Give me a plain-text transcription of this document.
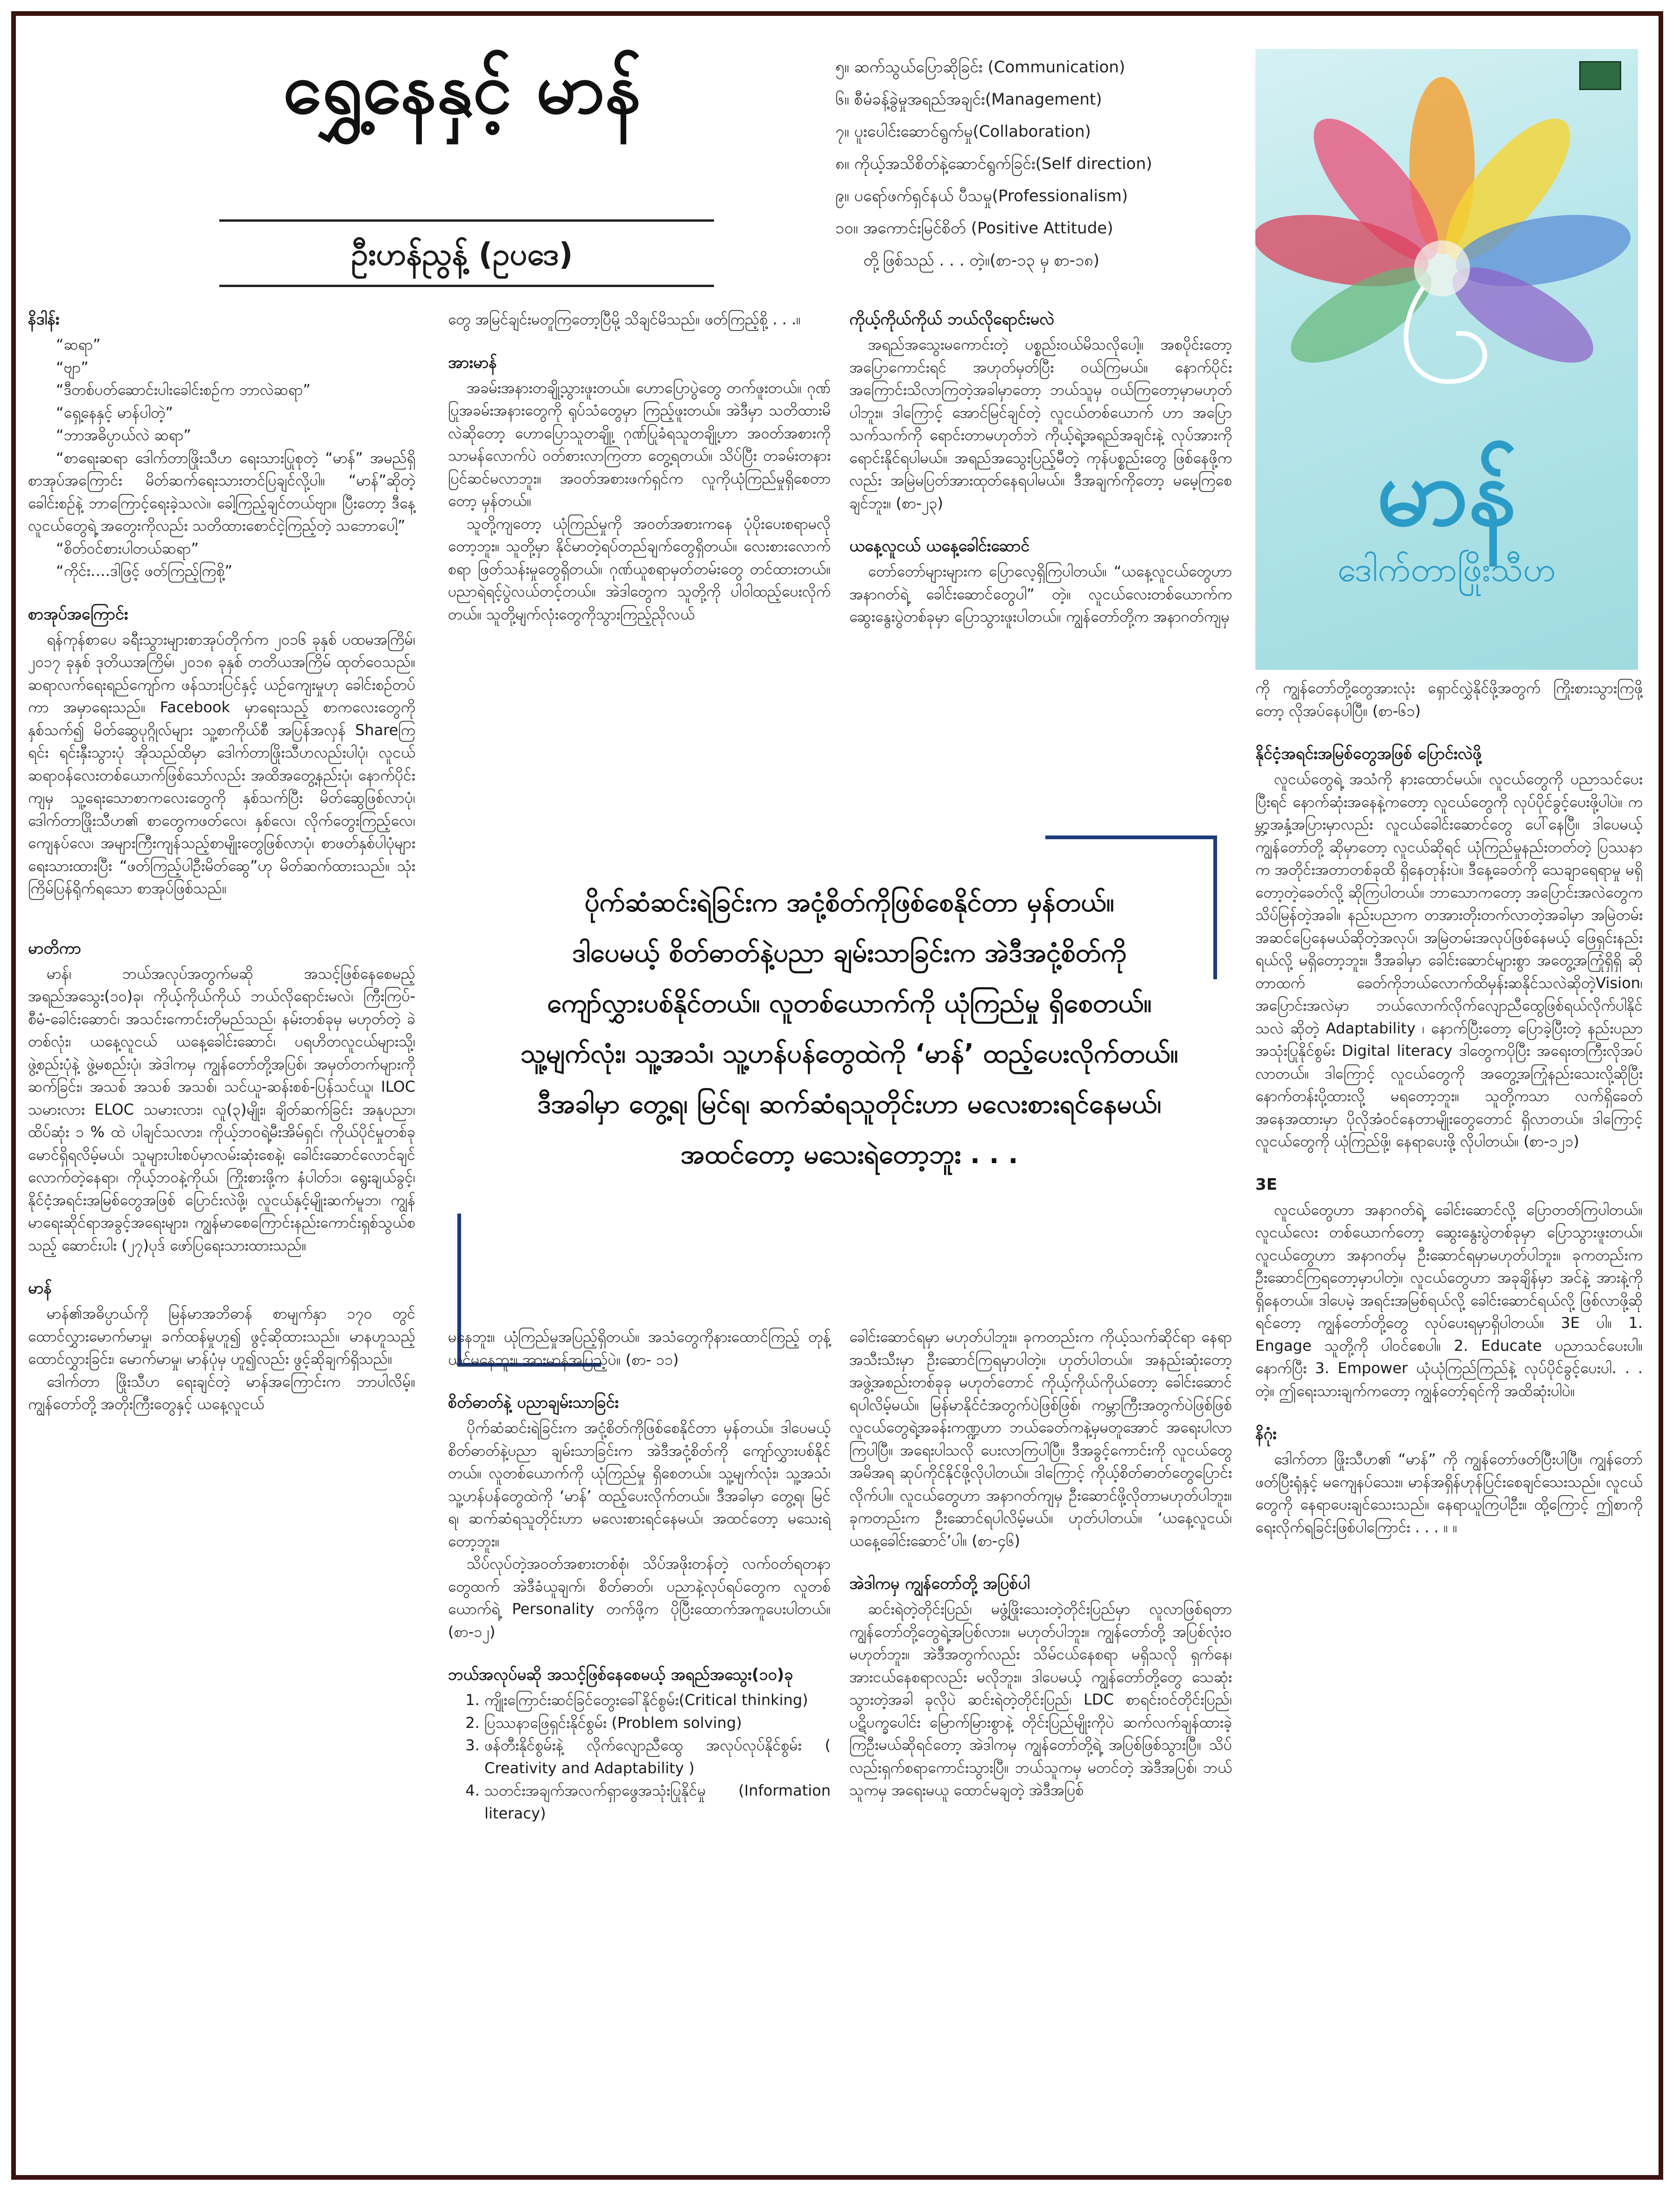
ရွှေ့နေနှင့် မာန်
ဦးဟန်ညွန့် (ဥပဒေ)
၅။ ဆက်သွယ်ပြောဆိုခြင်း (Communication)
၆။ စီမံခန့်ခွဲမှုအရည်အချင်း(Management)
၇။ ပူးပေါင်းဆောင်ရွက်မှု(Collaboration)
၈။ ကိုယ့်အသိစိတ်နဲ့ဆောင်ရွက်ခြင်း(Self direction)
၉။ ပရော်ဖက်ရှင်နယ် ပီသမှု(Professionalism)
၁၀။ အကောင်းမြင်စိတ် (Positive Attitude)
တို့ဖြစ်သည် . . . တဲ့။(စာ-၁၃ မှ စာ-၁၈)
မာန်
ဒေါက်တာဖြိုးသီဟ
နိဒါန်း

“ဆရာ”

“ဗျာ”

“ဒီတစ်ပတ်ဆောင်းပါးခေါင်းစဉ်က ဘာလဲဆရာ”

“ရှေ့နေနှင့် မာန်ပါတဲ့”

“ဘာအဓိပ္ပာယ်လဲ ဆရာ”

“စာရေးဆရာ ဒေါက်တာဖြိုးသီဟ ရေးသားပြုစုတဲ့ “မာန်” အမည်ရှိ စာအုပ်အကြောင်း မိတ်ဆက်ရေးသားတင်ပြချင်လို့ပါ။ “မာန်”ဆိုတဲ့ခေါင်းစဉ်နဲ့ ဘာကြောင့်ရေးခဲ့သလဲ။ ခေါ့ကြည့်ချင်တယ်ဗျာ။ ပြီးတော့ ဒီနေ့လူငယ်တွေရဲ့ အတွေးကိုလည်း သတိထားစောင်ငဲ့ကြည့်တဲ့ သဘောပေါ့”

“စိတ်ဝင်စားပါတယ်ဆရာ”

“ကိုင်း….ဒါဖြင့် ဖတ်ကြည့်ကြစို့”

စာအုပ်အကြောင်း

ရန်ကုန်စာပေ ခရီးသွားများစာအုပ်တိုက်က ၂၀၁၆ ခုနှစ် ပထမအကြိမ်၊ ၂၀၁၇ ခုနှစ် ဒုတိယအကြိမ်၊ ၂၀၁၈ ခုနှစ် တတိယအကြိမ် ထုတ်ဝေသည်။ ဆရာလက်ရေးရည်ကျော်က ဖန်သားပြင်နှင့် ယဉ်ကျေးမှုဟု ခေါင်းစဉ်တပ်ကာ အမှာရေးသည်။ Facebook မှာရေးသည့် စာကလေးတွေကို နှစ်သက်၍ မိတ်ဆွေပုဂ္ဂိုလ်များ သူ့စာကိုယ်စီ အပြန်အလှန် Shareကြရင်း ရင်းနှီးသွားပုံ အိုသည်ထိမှာ ဒေါက်တာဖြိုးသီဟလည်းပါပုံ၊ လူငယ်ဆရာဝန်လေးတစ်ယောက်ဖြစ်သော်လည်း အထိအတွေ့နည်းပုံ၊ နောက်ပိုင်းကျမှ သူ့ရေးသောစာကလေးတွေကို နှစ်သက်ပြီး မိတ်ဆွေဖြစ်လာပုံ၊ ဒေါက်တာဖြိုးသီဟ၏ စာတွေကဖတ်လေ၊ နှစ်လေ၊ လိုက်တွေးကြည့်လေ၊ ကျေနပ်လေ၊ အများကြီးကျန်သည့်စာမျိုးတွေဖြစ်လာပုံ၊ စာဖတ်နှစ်ပါပုံများ ရေးသားထားပြီး “ဖတ်ကြည့်ပါဦးမိတ်ဆွေ”ဟု မိတ်ဆက်ထားသည်။ သုံးကြိမ်ပြန်ရိုက်ရသော စာအုပ်ဖြစ်သည်။

မာတိကာ

မာန်၊ ဘယ်အလုပ်အတွက်မဆို အသင့်ဖြစ်နေစေမည့် အရည်အသွေး(၁၀)ခု၊ ကိုယ့်ကိုယ်ကိုယ် ဘယ်လိုရောင်းမလဲ၊ ကြီးကြပ်-စီမံ-ခေါင်းဆောင်၊ အသင်းကောင်းတိုမည်သည်၊ နမ်းတစ်ခုမှ မဟုတ်တဲ့ ခဲတစ်လုံး၊ ယနေ့လူငယ် ယနေ့ခေါင်းဆောင်၊ ပရဟိတလူငယ်များသို့၊ ဖွဲ့စည်းပုံနဲ့ ဖွဲ့မစည်းပုံ၊ အဲဒါကမှ ကျွန်တော်တို့အပြစ်၊ အမှတ်တက်များကိုဆက်ခြင်း၊ အသစ် အသစ် အသစ်၊ သင်ယူ-ဆန်းစစ်-ပြန်သင်ယူ၊ ILOC သမားလား ELOC သမားလား၊ လူ(၃)မျိုး၊ ချိတ်ဆက်ခြင်း အနုပညာ၊ ထိပ်ဆုံး ၁ % ထဲ ပါချင်သလား၊ ကိုယ့်ဘဝရဲ့မီးအိမ်ရှင်၊ ကိုယ်ပိုင်မှုတစ်ခုမောင်ရှိရလိမ့်မယ်၊ သူများပါးစပ်မှာလမ်းဆုံးစေနဲ့၊ ခေါင်းဆောင်လောင်ချင်လောက်တဲ့နေရာ၊ ကိုယ့်ဘဝနဲ့ကိုယ်၊ ကြိုးစားဖို့က နံပါတ်၁၊ ရွေးချယ်ခွင့်၊ နိုင်ငံ့အရင်းအမြစ်တွေအဖြစ် ပြောင်းလဲဖို့၊ လူငယ်နှင့်မျိုးဆက်မူဘ၊ ကျွန်မာရေးဆိုင်ရာအခွင့်အရေးများ၊ ကျွန်မာစေကြောင်းနည်းကောင်းရှစ်သွယ်စသည့် ဆောင်းပါး (၂၇)ပုဒ် ဖော်ပြရေးသားထားသည်။

မာန်

မာန်၏အဓိပ္ပာယ်ကို မြန်မာအဘိဓာန် စာမျက်နှာ ၁၇၀ တွင် ထောင်လွှားမောက်မာမှု၊ ခက်ထန်မှုဟူ၍ ဖွင့်ဆိုထားသည်။ မာနဟူသည့် ထောင်လွှားခြင်း၊ မောက်မာမှု၊ မာန်ပုံမှ ဟူ၍လည်း ဖွင့်ဆိုချက်ရှိသည်။

ဒေါက်တာ ဖြိုးသီဟ ရေးချင်တဲ့ မာန်အကြောင်းက ဘာပါလိမ့်။ ကျွန်တော်တို့ အတိုးကြီးတွေနှင့် ယနေ့လူငယ်

တွေ အမြင်ချင်းမတူကြတော့ပြီမို့ သိချင်မိသည်။ ဖတ်ကြည့်စို့ . . .။

အားမာန်

အခမ်းအနားတချို့သွားဖူးတယ်။ ဟောပြောပွဲတွေ တက်ဖူးတယ်။ ဂုဏ်ပြုအခမ်းအနားတွေကို ရုပ်သံတွေမှာ ကြည့်ဖူးတယ်။ အဲဒီမှာ သတိထားမိလဲဆိုတော့ ဟောပြောသူတချို့၊ ဂုဏ်ပြုခံရသူတချို့ဟာ အဝတ်အစားကို သာမန်လောက်ပဲ ဝတ်စားလာကြတာ တွေ့ရတယ်။ သိပ်ပြီး တခမ်းတနား ပြင်ဆင်မလာဘူး။ အဝတ်အစားဖက်ရှင်က လူကိုယုံကြည်မှုရှိစေတာတော့ မှန်တယ်။

သူတို့ကျတော့ ယုံကြည်မှုကို အဝတ်အစားကနေ ပုံပိုးပေးစရာမလိုတော့ဘူး။ သူတို့မှာ နိုင်မာတဲ့ရပ်တည်ချက်တွေရှိတယ်။ လေးစားလောက်စရာ ဖြတ်သန်းမှုတွေရှိတယ်။ ဂုဏ်ယူစရာမှတ်တမ်းတွေ တင်ထားတယ်။ ပညာရဲရင့်ပွဲလယ်တင့်တယ်။ အဲဒါတွေက သူတို့ကို ပါဝါထည့်ပေးလိုက်တယ်။ သူတို့မျက်လုံးတွေကိုသွားကြည့်ညိုလယ်

ကိုယ့်ကိုယ်ကိုယ် ဘယ်လိုရောင်းမလဲ

အရည်အသွေးမကောင်းတဲ့ ပစ္စည်းဝယ်မိသလိုပေါ့။ အစပိုင်းတော့ အပြောကောင်းရင် အဟုတ်မှတ်ပြီး ဝယ်ကြမယ်။ နောက်ပိုင်း အကြောင်းသိလာကြတဲ့အခါမှာတော့ ဘယ်သူမှ ဝယ်ကြတော့မှာမဟုတ်ပါဘူး။ ဒါကြောင့် အောင်မြင်ချင်တဲ့ လူငယ်တစ်ယောက် ဟာ အပြောသက်သက်ကို ရောင်းတာမဟုတ်ဘဲ ကိုယ့်ရဲ့အရည်အချင်းနဲ့ လုပ်အားကိုရောင်းနိုင်ရပါမယ်။ အရည်အသွေးပြည့်မီတဲ့ ကုန်ပစ္စည်းတွေ ဖြစ်နေဖို့ကလည်း အမြဲမပြတ်အားထုတ်နေရပါမယ်။ ဒီအချက်ကိုတော့ မမေ့ကြစေချင်ဘူး။ (စာ-၂၃)

ယနေ့လူငယ် ယနေ့ခေါင်းဆောင်

တော်တော်များများက ပြောလေ့ရှိကြပါတယ်။ “ယနေ့လူငယ်တွေဟာ အနာဂတ်ရဲ့ ခေါင်းဆောင်တွေပါ” တဲ့။ လူငယ်လေးတစ်ယောက်က ဆွေးနွေးပွဲတစ်ခုမှာ ပြောသွားဖူးပါတယ်။ ကျွန်တော်တို့က အနာဂတ်ကျမှ

ပိုက်ဆံဆင်းရဲခြင်းက အငုံ့စိတ်ကိုဖြစ်စေနိုင်တာ မှန်တယ်။
ဒါပေမယ့် စိတ်ဓာတ်နဲ့ပညာ ချမ်းသာခြင်းက အဲဒီအငုံ့စိတ်ကို
ကျော်လွှားပစ်နိုင်တယ်။ လူတစ်ယောက်ကို ယုံကြည်မှု ရှိစေတယ်။
သူ့မျက်လုံး၊ သူ့အသံ၊ သူ့ဟန်ပန်တွေထဲကို ‘မာန်’ ထည့်ပေးလိုက်တယ်။
ဒီအခါမှာ တွေ့ရ၊ မြင်ရ၊ ဆက်ဆံရသူတိုင်းဟာ မလေးစားရင်နေမယ်၊
အထင်တော့ မသေးရဲတော့ဘူး . . .

မနေဘူး။ ယုံကြည်မှုအပြည့်ရှိတယ်။ အသံတွေကိုနားထောင်ကြည့် တုန့်ယင်မနေဘူး။ အားမာန်အပြည့်ပဲ။ (စာ- ၁၁)

စိတ်ဓာတ်နဲ့ ပညာချမ်းသာခြင်း

ပိုက်ဆံဆင်းရဲခြင်းက အငုံ့စိတ်ကိုဖြစ်စေနိုင်တာ မှန်တယ်။ ဒါပေမယ့် စိတ်ဓာတ်နဲ့ပညာ ချမ်းသာခြင်းက အဲဒီအငုံ့စိတ်ကို ကျော်လွှားပစ်နိုင်တယ်။ လူတစ်ယောက်ကို ယုံကြည်မှု ရှိစေတယ်။ သူ့မျက်လုံး၊ သူ့အသံ၊ သူ့ဟန်ပန်တွေထဲကို ‘မာန်’ ထည့်ပေးလိုက်တယ်။ ဒီအခါမှာ တွေ့ရ၊ မြင်ရ၊ ဆက်ဆံရသူတိုင်းဟာ မလေးစားရင်နေမယ်၊ အထင်တော့ မသေးရဲတော့ဘူး။

သိပ်လုပ်တဲ့အဝတ်အစားတစ်စုံ၊ သိပ်အဖိုးတန်တဲ့ လက်ဝတ်ရတနာတွေထက် အဲဒီခံယူချက်၊ စိတ်ဓာတ်၊ ပညာနဲ့လုပ်ရပ်တွေက လူတစ်ယောက်ရဲ့ Personality တက်ဖို့က ပိုပြီးထောက်အကူပေးပါတယ်။ (စာ-၁၂)

ဘယ်အလုပ်မဆို အသင့်ဖြစ်နေစေမယ့် အရည်အသွေး(၁၀)ခု
1. ကျိုးကြောင်းဆင်ခြင်တွေးခေါ်နိုင်စွမ်း(Critical thinking)
2. ပြဿနာဖြေရှင်းနိုင်စွမ်း (Problem solving)
3. ဖန်တီးနိုင်စွမ်းနဲ့ လိုက်လျောညီထွေ အလုပ်လုပ်နိုင်စွမ်း ( Creativity and Adaptability )
4. သတင်းအချက်အလက်ရှာဖွေအသုံးပြုနိုင်မှု (Information literacy)

ခေါင်းဆောင်ရမှာ မဟုတ်ပါဘူး။ ခုကတည်းက ကိုယ့်သက်ဆိုင်ရာ နေရာအသီးသီးမှာ ဦးဆောင်ကြရမှာပါတဲ့။ ဟုတ်ပါတယ်။ အနည်းဆုံးတော့ အဖွဲ့အစည်းတစ်ခုခု မဟုတ်တောင် ကိုယ့်ကိုယ်ကိုယ်တော့ ခေါင်းဆောင်ရပါလိမ့်မယ်။ မြန်မာနိုင်ငံအတွက်ပဲဖြစ်ဖြစ်၊ ကမ္ဘာကြီးအတွက်ပဲဖြစ်ဖြစ် လူငယ်တွေရဲ့အခန်းကဏ္ဍဟာ ဘယ်ခေတ်ကနဲ့မှမတူအောင် အရေးပါလာကြပါပြီ။ အရေးပါသလို ပေးလာကြပါပြီ။ ဒီအခွင့်ကောင်းကို လူငယ်တွေ အမိအရ ဆုပ်ကိုင်နိုင်ဖို့လိုပါတယ်။ ဒါကြောင့် ကိုယ့်စိတ်ဓာတ်တွေပြောင်းလိုက်ပါ။ လူငယ်တွေဟာ အနာဂတ်ကျမှ ဦးဆောင်ဖို့လိုတာမဟုတ်ပါဘူး။ ခုကတည်းက ဦးဆောင်ရပါလိမ့်မယ်။ ဟုတ်ပါတယ်။ ‘ယနေ့လူငယ်၊ ယနေ့ခေါင်းဆောင်’ပါ။ (စာ-၄၆)

အဲဒါကမှ ကျွန်တော်တို့ အပြစ်ပါ

ဆင်းရဲတဲ့တိုင်းပြည်၊ မဖွံ့ဖြိုးသေးတဲ့တိုင်းပြည်မှာ လူလာဖြစ်ရတာ ကျွန်တော်တို့တွေရဲ့အပြစ်လား။ မဟုတ်ပါဘူး။ ကျွန်တော်တို့ အပြစ်လုံးဝမဟုတ်ဘူး။ အဲဒီအတွက်လည်း သိမ်ငယ်နေစရာ မရှိသလို ရှက်နေ၊ အားငယ်နေစရာလည်း မလိုဘူး။ ဒါပေမယ့် ကျွန်တော်တို့တွေ သေဆုံးသွားတဲ့အခါ ခုလိုပဲ ဆင်းရဲတဲ့တိုင်းပြည်၊ LDC စာရင်းဝင်တိုင်းပြည်၊ ပဋိပက္ခပေါင်း မြောက်မြားစွာနဲ့ တိုင်းပြည်မျိုးကိုပဲ ဆက်လက်ချန်ထားခဲ့ကြဦးမယ်ဆိုရင်တော့ အဲဒါကမှ ကျွန်တော်တို့ရဲ့ အပြစ်ဖြစ်သွားပြီ။ သိပ်လည်းရှက်စရာကောင်းသွားပြီ။ ဘယ်သူကမှ မတင်တဲ့ အဲဒီအပြစ်၊ ဘယ်သူကမှ အရေးမယူ ထောင်မချတဲ့ အဲဒီအပြစ်

ကို ကျွန်တော်တို့တွေအားလုံး ရှောင်လွှဲနိုင်ဖို့အတွက် ကြိုးစားသွားကြဖို့တော့ လိုအပ်နေပါပြီ။ (စာ-၆၁)

နိုင်ငံ့အရင်းအမြစ်တွေအဖြစ် ပြောင်းလဲဖို့

လူငယ်တွေရဲ့ အသံကို နားထောင်မယ်။ လူငယ်တွေကို ပညာသင်ပေးပြီးရင် နောက်ဆုံးအနေနဲ့ကတော့ လူငယ်တွေကို လုပ်ပိုင်ခွင့်ပေးဖို့ပါပဲ။ ကမ္ဘာ့အနှံ့အပြားမှာလည်း လူငယ်ခေါင်းဆောင်တွေ ပေါ်နေပြီ။ ဒါပေမယ့် ကျွန်တော်တို့ ဆိုမှာတော့ လူငယ်ဆိုရင် ယုံကြည်မှုနည်းတတ်တဲ့ ပြဿနာက အတိုင်းအတာတစ်ခုထိ ရှိနေတုန်းပဲ။ ဒီနေ့ခေတ်ကို သေချာရေရာမှု မရှိတော့တဲ့ခေတ်လို့ ဆိုကြပါတယ်။ ဘာသောကတော့ အပြောင်းအလဲတွေက သိပ်မြန်တဲ့အခါ။ နည်းပညာက တအားတိုးတက်လာတဲ့အခါမှာ အမြဲတမ်း အဆင်ပြေနေမယ်ဆိုတဲ့အလုပ်၊ အမြဲတမ်းအလုပ်ဖြစ်နေမယ့် ဖြေရှင်းနည်းရယ်လို့ မရှိတော့ဘူး။ ဒီအခါမှာ ခေါင်းဆောင်များစွာ အတွေ့အကြုံရှိရှိ ဆိုတာထက် ခေတ်ကိုဘယ်လောက်ထိမှန်းဆနိုင်သလဲဆိုတဲ့Vision၊ အပြောင်းအလဲမှာ ဘယ်လောက်လိုက်လျောညီထွေဖြစ်ရယ်လိုက်ပါနိုင်သလဲ ဆိုတဲ့ Adaptability ၊ နောက်ပြီးတော့ ပြောခဲ့ပြီးတဲ့ နည်းပညာအသုံးပြုနိုင်စွမ်း Digital literacy ဒါတွေကပိုပြီး အရေးတကြီးလိုအပ်လာတယ်။ ဒါကြောင့် လူငယ်တွေကို အတွေ့အကြုံနည်းသေးလို့ဆိုပြီး နောက်တန်းပို့ထားလို့ မရတော့ဘူး။ သူတို့ကသာ လက်ရှိခေတ် အနေအထားမှာ ပိုလိုအံဝင်နေတာမျိုးတွေတောင် ရှိလာတယ်။ ဒါကြောင့် လူငယ်တွေကို ယုံကြည်ဖို့၊ နေရာပေးဖို့ လိုပါတယ်။ (စာ-၁၂၁)

3E

လူငယ်တွေဟာ အနာဂတ်ရဲ့ ခေါင်းဆောင်လို့ ပြောတတ်ကြပါတယ်။ လူငယ်လေး တစ်ယောက်တော့ ဆွေးနွေးပွဲတစ်ခုမှာ ပြောသွားဖူးတယ်။ လူငယ်တွေဟာ အနာဂတ်မှ ဦးဆောင်ရမှာမဟုတ်ပါဘူး။ ခုကတည်းက ဦးဆောင်ကြရတော့မှာပါတဲ့။ လူငယ်တွေဟာ အခုချိန်မှာ အင်နဲ့ အားနဲ့ကို ရှိနေတယ်။ ဒါပေမဲ့ အရင်းအမြစ်ရယ်လို့ ခေါင်းဆောင်ရယ်လို့ ဖြစ်လာဖို့ဆိုရင်တော့ ကျွန်တော်တို့တွေ လုပ်ပေးရမှာရှိပါတယ်။ 3E ပါ။ 1. Engage သူတို့ကို ပါဝင်စေပါ။ 2. Educate ပညာသင်ပေးပါ။ နောက်ပြီး 3. Empower ယုံယုံကြည်ကြည်နဲ့ လုပ်ပိုင်ခွင့်ပေးပါ. . . တဲ့။ ဤရေးသားချက်ကတော့ ကျွန်တော့်ရင်ကို အထိဆုံးပါပဲ။

နိဂုံး

ဒေါက်တာ ဖြိုးသီဟ၏ “မာန်” ကို ကျွန်တော်ဖတ်ပြီးပါပြီ။ ကျွန်တော်ဖတ်ပြီးရုံနှင့် မကျေနပ်သေး။ မာန်အရှိန်ဟုန်ပြင်းစေချင်သေးသည်။ လူငယ်တွေကို နေရာပေးချင်သေးသည်။ နေရာယူကြပါဦး။ ထို့ကြောင့် ဤစာကို ရေးလိုက်ရခြင်းဖြစ်ပါကြောင်း . . . ။ ။
